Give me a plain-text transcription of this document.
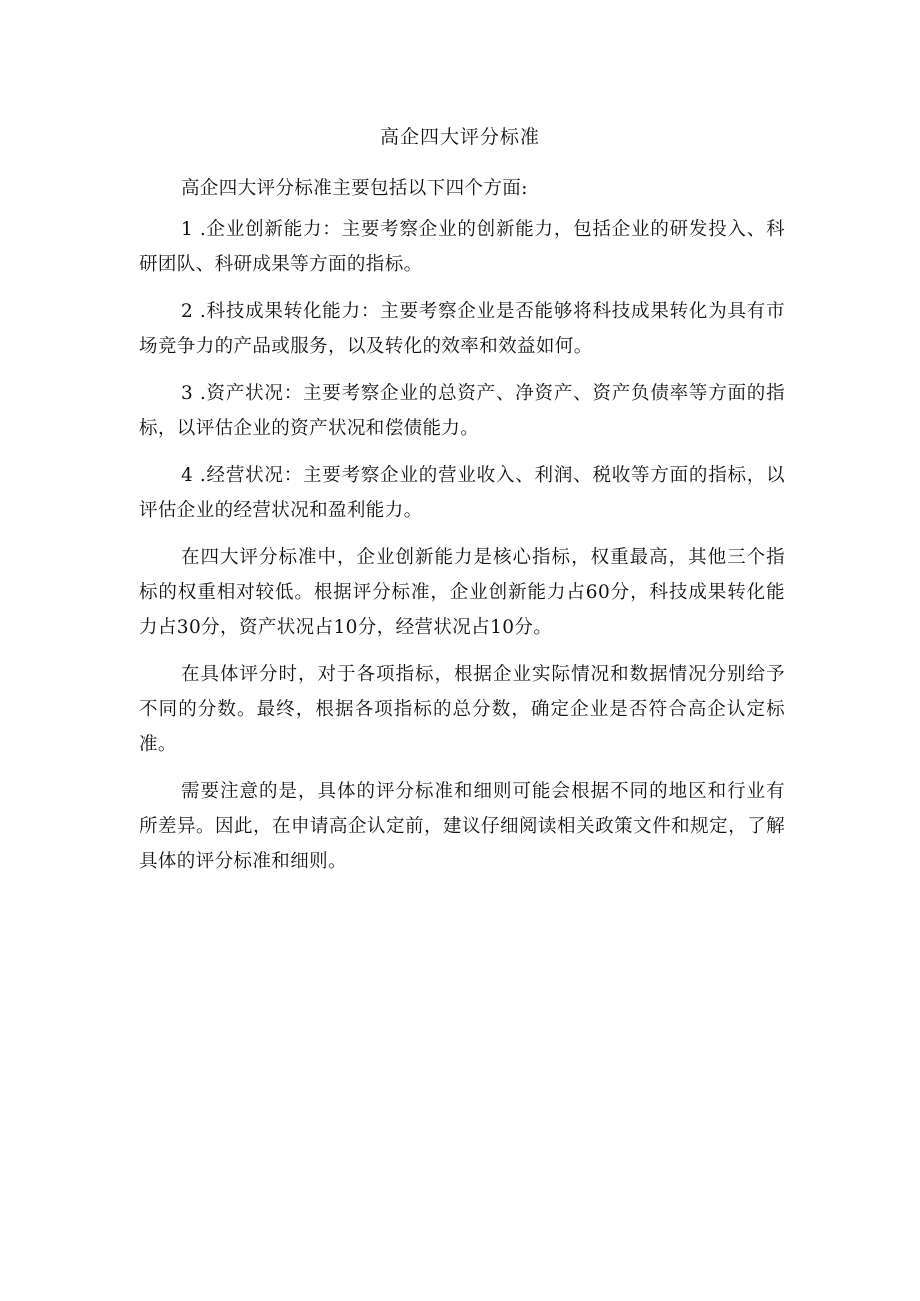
高企四大评分标准

高企四大评分标准主要包括以下四个方面:

1 .企业创新能力：主要考察企业的创新能力，包括企业的研发投入、科研团队、科研成果等方面的指标。

2 .科技成果转化能力：主要考察企业是否能够将科技成果转化为具有市场竞争力的产品或服务，以及转化的效率和效益如何。

3 .资产状况：主要考察企业的总资产、净资产、资产负债率等方面的指标，以评估企业的资产状况和偿债能力。

4 .经营状况：主要考察企业的营业收入、利润、税收等方面的指标，以评估企业的经营状况和盈利能力。

在四大评分标准中，企业创新能力是核心指标，权重最高，其他三个指标的权重相对较低。根据评分标准，企业创新能力占60分，科技成果转化能力占30分，资产状况占10分，经营状况占10分。

在具体评分时，对于各项指标，根据企业实际情况和数据情况分别给予不同的分数。最终，根据各项指标的总分数，确定企业是否符合高企认定标准。

需要注意的是，具体的评分标准和细则可能会根据不同的地区和行业有所差异。因此，在申请高企认定前，建议仔细阅读相关政策文件和规定，了解具体的评分标准和细则。
